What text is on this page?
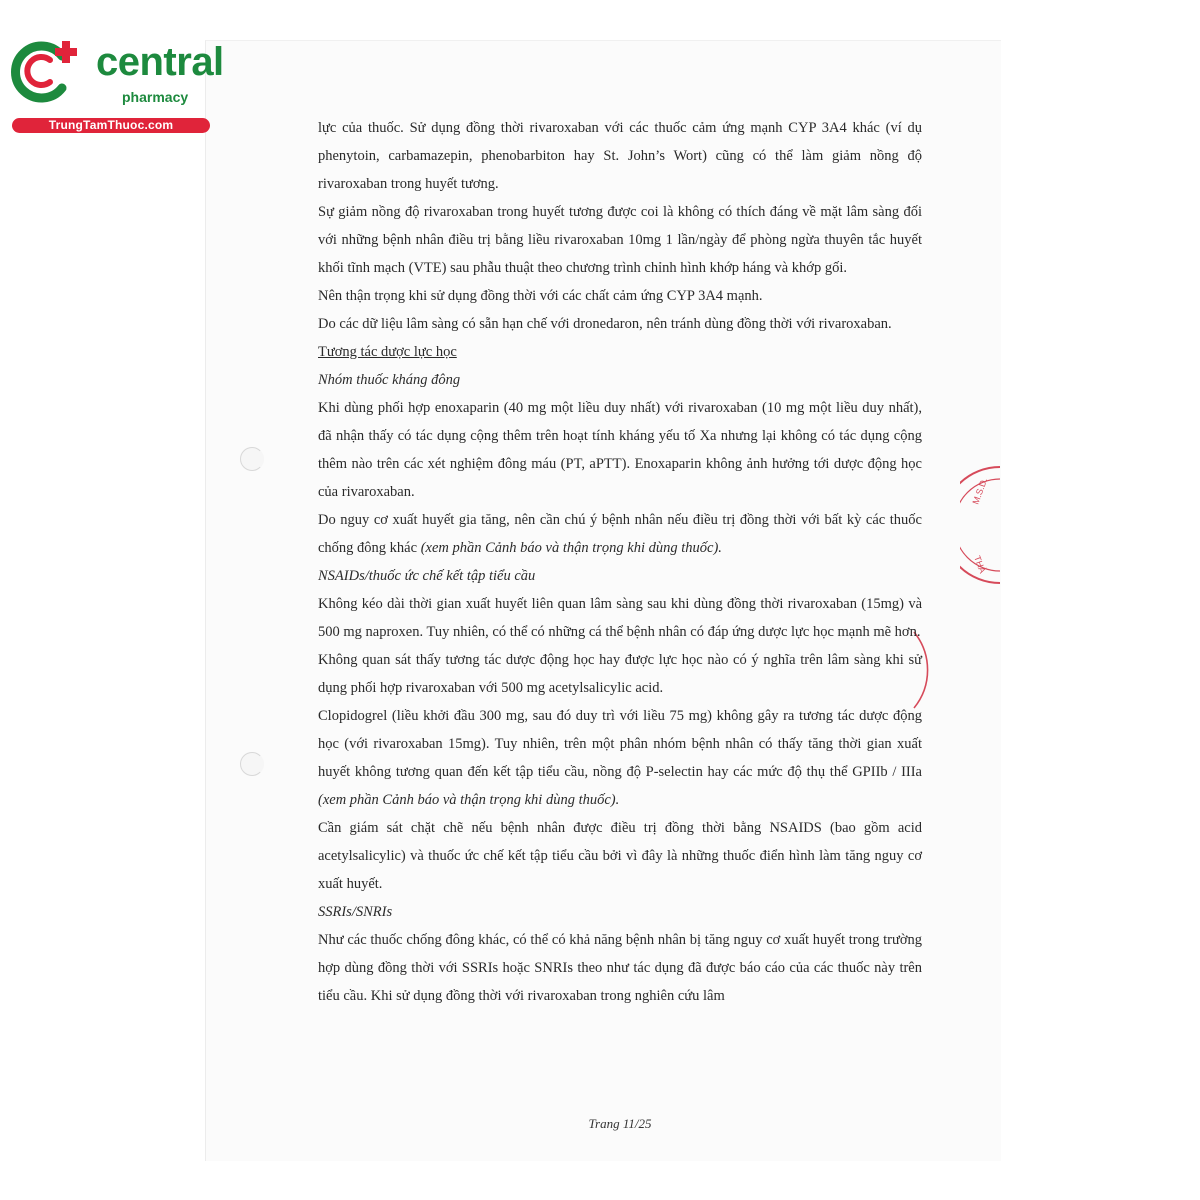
central
pharmacy
TrungTamThuoc.com
M.S.D.
THÀ

lực của thuốc. Sử dụng đồng thời rivaroxaban với các thuốc cảm ứng mạnh CYP 3A4 khác (ví dụ phenytoin, carbamazepin, phenobarbiton hay St. John’s Wort) cũng có thể làm giảm nồng độ rivaroxaban trong huyết tương.

Sự giảm nồng độ rivaroxaban trong huyết tương được coi là không có thích đáng về mặt lâm sàng đối với những bệnh nhân điều trị bằng liều rivaroxaban 10mg 1 lần/ngày để phòng ngừa thuyên tắc huyết khối tĩnh mạch (VTE) sau phẫu thuật theo chương trình chỉnh hình khớp háng và khớp gối.

Nên thận trọng khi sử dụng đồng thời với các chất cảm ứng CYP 3A4 mạnh.

Do các dữ liệu lâm sàng có sẵn hạn chế với dronedaron, nên tránh dùng đồng thời với rivaroxaban.

Tương tác dược lực học

Nhóm thuốc kháng đông

Khi dùng phối hợp enoxaparin (40 mg một liều duy nhất) với rivaroxaban (10 mg một liều duy nhất), đã nhận thấy có tác dụng cộng thêm trên hoạt tính kháng yếu tố Xa nhưng lại không có tác dụng cộng thêm nào trên các xét nghiệm đông máu (PT, aPTT). Enoxaparin không ảnh hưởng tới dược động học của rivaroxaban.

Do nguy cơ xuất huyết gia tăng, nên cần chú ý bệnh nhân nếu điều trị đồng thời với bất kỳ các thuốc chống đông khác (xem phần Cảnh báo và thận trọng khi dùng thuốc).

NSAIDs/thuốc ức chế kết tập tiểu cầu

Không kéo dài thời gian xuất huyết liên quan lâm sàng sau khi dùng đồng thời rivaroxaban (15mg) và 500 mg naproxen. Tuy nhiên, có thể có những cá thể bệnh nhân có đáp ứng dược lực học mạnh mẽ hơn.

Không quan sát thấy tương tác dược động học hay được lực học nào có ý nghĩa trên lâm sàng khi sử dụng phối hợp rivaroxaban với 500 mg acetylsalicylic acid.

Clopidogrel (liều khởi đầu 300 mg, sau đó duy trì với liều 75 mg) không gây ra tương tác dược động học (với rivaroxaban 15mg). Tuy nhiên, trên một phân nhóm bệnh nhân có thấy tăng thời gian xuất huyết không tương quan đến kết tập tiểu cầu, nồng độ P-selectin hay các mức độ thụ thể GPIIb / IIIa (xem phần Cảnh báo và thận trọng khi dùng thuốc).

Cần giám sát chặt chẽ nếu bệnh nhân được điều trị đồng thời bằng NSAIDS (bao gồm acid acetylsalicylic) và thuốc ức chế kết tập tiểu cầu bởi vì đây là những thuốc điển hình làm tăng nguy cơ xuất huyết.

SSRIs/SNRIs

Như các thuốc chống đông khác, có thể có khả năng bệnh nhân bị tăng nguy cơ xuất huyết trong trường hợp dùng đồng thời với SSRIs hoặc SNRIs theo như tác dụng đã được báo cáo của các thuốc này trên tiểu cầu. Khi sử dụng đồng thời với rivaroxaban trong nghiên cứu lâm

Trang 11/25
